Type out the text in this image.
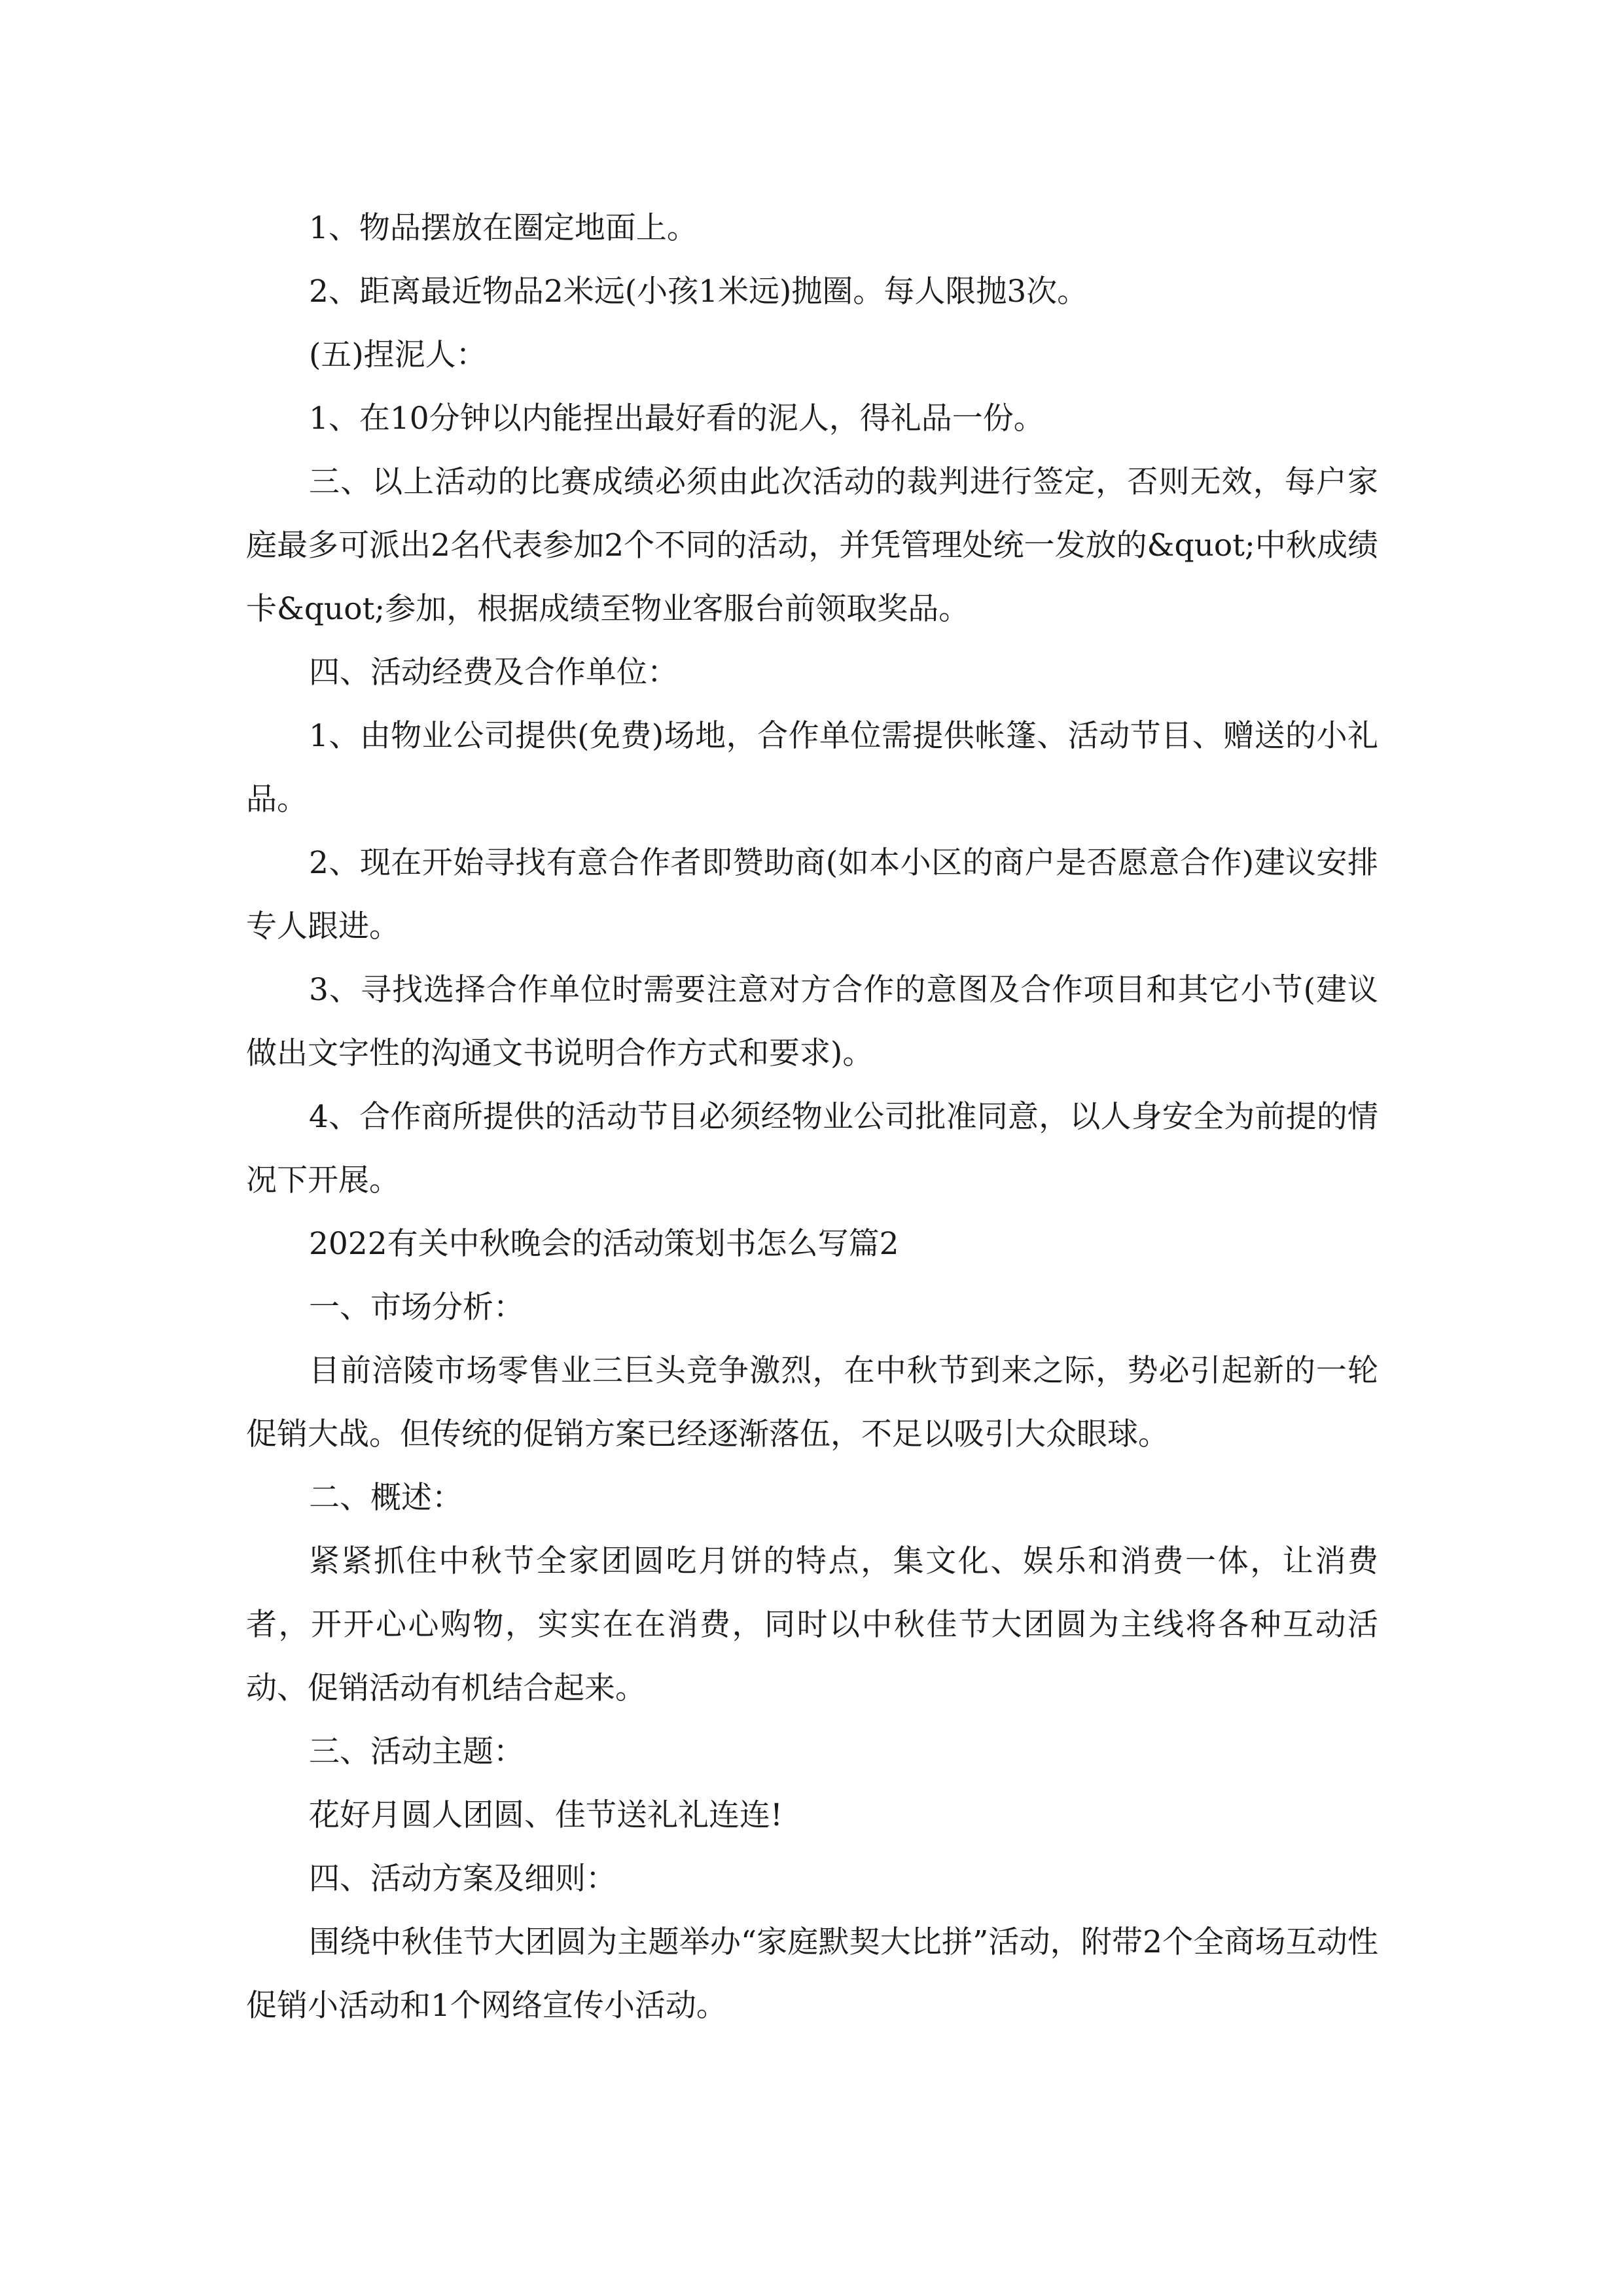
1、物品摆放在圈定地面上。

2、距离最近物品2米远(小孩1米远)抛圈。每人限抛3次。

(五)捏泥人：

1、在10分钟以内能捏出最好看的泥人，得礼品一份。

三、以上活动的比赛成绩必须由此次活动的裁判进行签定，否则无效，每户家庭最多可派出2名代表参加2个不同的活动，并凭管理处统一发放的&quot;中秋成绩卡&quot;参加，根据成绩至物业客服台前领取奖品。

四、活动经费及合作单位：

1、由物业公司提供(免费)场地，合作单位需提供帐篷、活动节目、赠送的小礼品。

2、现在开始寻找有意合作者即赞助商(如本小区的商户是否愿意合作)建议安排专人跟进。

3、寻找选择合作单位时需要注意对方合作的意图及合作项目和其它小节(建议做出文字性的沟通文书说明合作方式和要求)。

4、合作商所提供的活动节目必须经物业公司批准同意，以人身安全为前提的情况下开展。

2022有关中秋晚会的活动策划书怎么写篇2

一、市场分析：

目前涪陵市场零售业三巨头竞争激烈，在中秋节到来之际，势必引起新的一轮促销大战。但传统的促销方案已经逐渐落伍，不足以吸引大众眼球。

二、概述：

紧紧抓住中秋节全家团圆吃月饼的特点，集文化、娱乐和消费一体，让消费者，开开心心购物，实实在在消费，同时以中秋佳节大团圆为主线将各种互动活动、促销活动有机结合起来。

三、活动主题：

花好月圆人团圆、佳节送礼礼连连!

四、活动方案及细则：

围绕中秋佳节大团圆为主题举办“家庭默契大比拼”活动，附带2个全商场互动性促销小活动和1个网络宣传小活动。
